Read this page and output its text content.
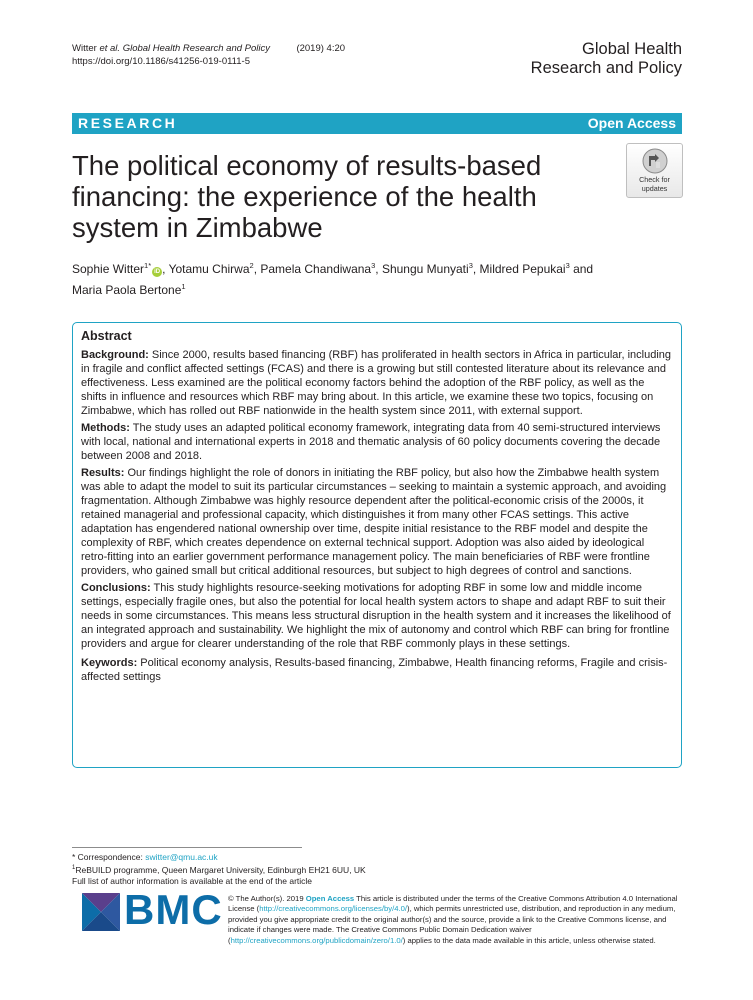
Witter et al. Global Health Research and Policy	(2019) 4:20
https://doi.org/10.1186/s41256-019-0111-5
Global Health
Research and Policy
RESEARCH	Open Access
The political economy of results-based financing: the experience of the health system in Zimbabwe
Check for
updates
Sophie Witter$^{1*}$iD , Yotamu Chirwa$^2$, Pamela Chandiwana$^3$, Shungu Munyati$^3$, Mildred Pepukai$^3$ and
Maria Paola Bertone$^1$
Abstract

Background: Since 2000, results based financing (RBF) has proliferated in health sectors in Africa in particular, including in fragile and conflict affected settings (FCAS) and there is a growing but still contested literature about its relevance and effectiveness. Less examined are the political economy factors behind the adoption of the RBF policy, as well as the shifts in influence and resources which RBF may bring about. In this article, we examine these two topics, focusing on Zimbabwe, which has rolled out RBF nationwide in the health system since 2011, with external support.

Methods: The study uses an adapted political economy framework, integrating data from 40 semi-structured interviews with local, national and international experts in 2018 and thematic analysis of 60 policy documents covering the decade between 2008 and 2018.

Results: Our findings highlight the role of donors in initiating the RBF policy, but also how the Zimbabwe health system was able to adapt the model to suit its particular circumstances – seeking to maintain a systemic approach, and avoiding fragmentation. Although Zimbabwe was highly resource dependent after the political-economic crisis of the 2000s, it retained managerial and professional capacity, which distinguishes it from many other FCAS settings. This active adaptation has engendered national ownership over time, despite initial resistance to the RBF model and despite the complexity of RBF, which creates dependence on external technical support. Adoption was also aided by ideological retro-fitting into an earlier government performance management policy. The main beneficiaries of RBF were frontline providers, who gained small but critical additional resources, but subject to high degrees of control and sanctions.

Conclusions: This study highlights resource-seeking motivations for adopting RBF in some low and middle income settings, especially fragile ones, but also the potential for local health system actors to shape and adapt RBF to suit their needs in some circumstances. This means less structural disruption in the health system and it increases the likelihood of an integrated approach and sustainability. We highlight the mix of autonomy and control which RBF can bring for frontline providers and argue for clearer understanding of the role that RBF commonly plays in these settings.

Keywords: Political economy analysis, Results-based financing, Zimbabwe, Health financing reforms, Fragile and crisis-affected settings

* Correspondence: switter@qmu.ac.uk
$^1$ReBUILD programme, Queen Margaret University, Edinburgh EH21 6UU, UK
Full list of author information is available at the end of the article
BMC © The Author(s). 2019 Open Access This article is distributed under the terms of the Creative Commons Attribution 4.0 International License (http://creativecommons.org/licenses/by/4.0/), which permits unrestricted use, distribution, and reproduction in any medium, provided you give appropriate credit to the original author(s) and the source, provide a link to the Creative Commons license, and indicate if changes were made. The Creative Commons Public Domain Dedication waiver (http://creativecommons.org/publicdomain/zero/1.0/) applies to the data made available in this article, unless otherwise stated.
